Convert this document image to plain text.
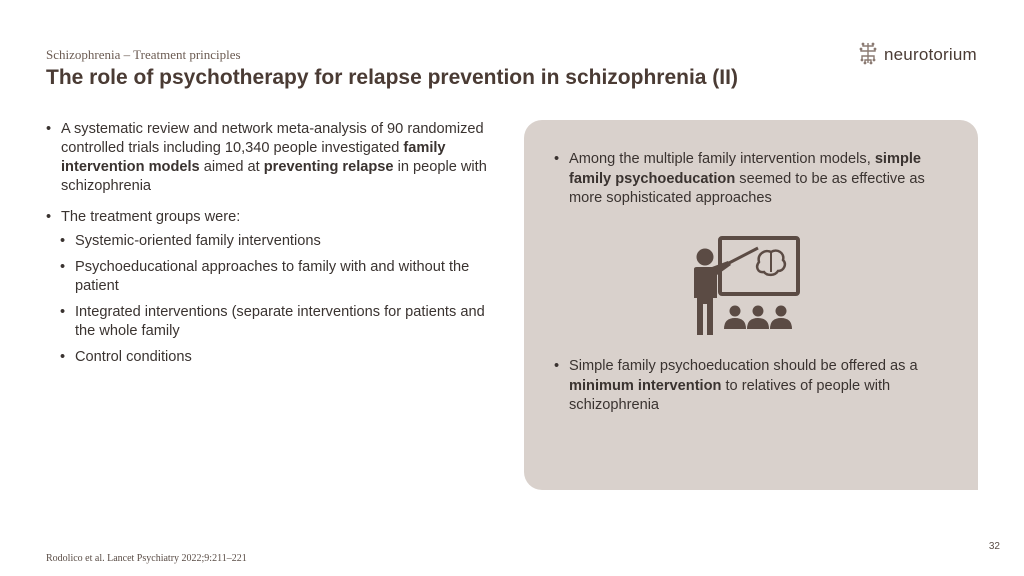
Schizophrenia – Treatment principles
The role of psychotherapy for relapse prevention in schizophrenia (II)
neurotorium
• A systematic review and network meta-analysis of 90 randomized controlled trials including 10,340 people investigated family intervention models aimed at preventing relapse in people with schizophrenia
• The treatment groups were:
• Systemic-oriented family interventions
• Psychoeducational approaches to family with and without the patient
• Integrated interventions (separate interventions for patients and the whole family
• Control conditions
• Among the multiple family intervention models, simple family psychoeducation seemed to be as effective as more sophisticated approaches
• Simple family psychoeducation should be offered as a minimum intervention to relatives of people with schizophrenia
Rodolico et al. Lancet Psychiatry 2022;9:211–221
32
